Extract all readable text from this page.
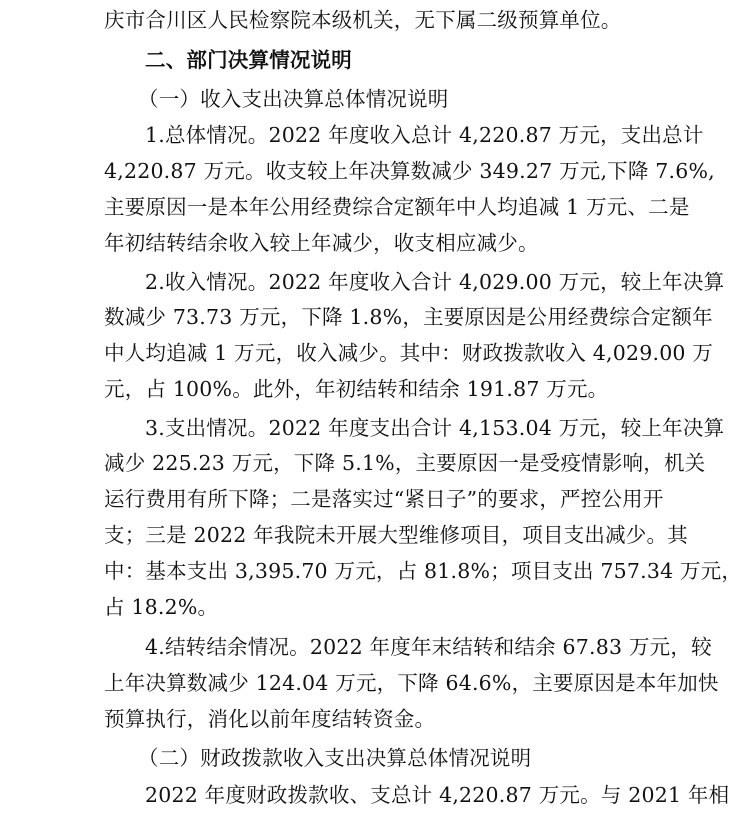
庆市合川区人民检察院本级机关，无下属二级预算单位。
二、部门决算情况说明
（一）收入支出决算总体情况说明
1.总体情况。2022 年度收入总计 4,220.87 万元，支出总计
4,220.87 万元。收支较上年决算数减少 349.27 万元,下降 7.6%,
主要原因一是本年公用经费综合定额年中人均追减 1 万元、二是
年初结转结余收入较上年减少，收支相应减少。
2.收入情况。2022 年度收入合计 4,029.00 万元，较上年决算
数减少 73.73 万元，下降 1.8%，主要原因是公用经费综合定额年
中人均追减 1 万元，收入减少。其中：财政拨款收入 4,029.00 万
元，占 100%。此外，年初结转和结余 191.87 万元。
3.支出情况。2022 年度支出合计 4,153.04 万元，较上年决算
减少 225.23 万元，下降 5.1%，主要原因一是受疫情影响，机关
运行费用有所下降；二是落实过“紧日子”的要求，严控公用开
支；三是 2022 年我院未开展大型维修项目，项目支出减少。其
中：基本支出 3,395.70 万元，占 81.8%；项目支出 757.34 万元，
占 18.2%。
4.结转结余情况。2022 年度年末结转和结余 67.83 万元，较
上年决算数减少 124.04 万元，下降 64.6%，主要原因是本年加快
预算执行，消化以前年度结转资金。
（二）财政拨款收入支出决算总体情况说明
2022 年度财政拨款收、支总计 4,220.87 万元。与 2021 年相
